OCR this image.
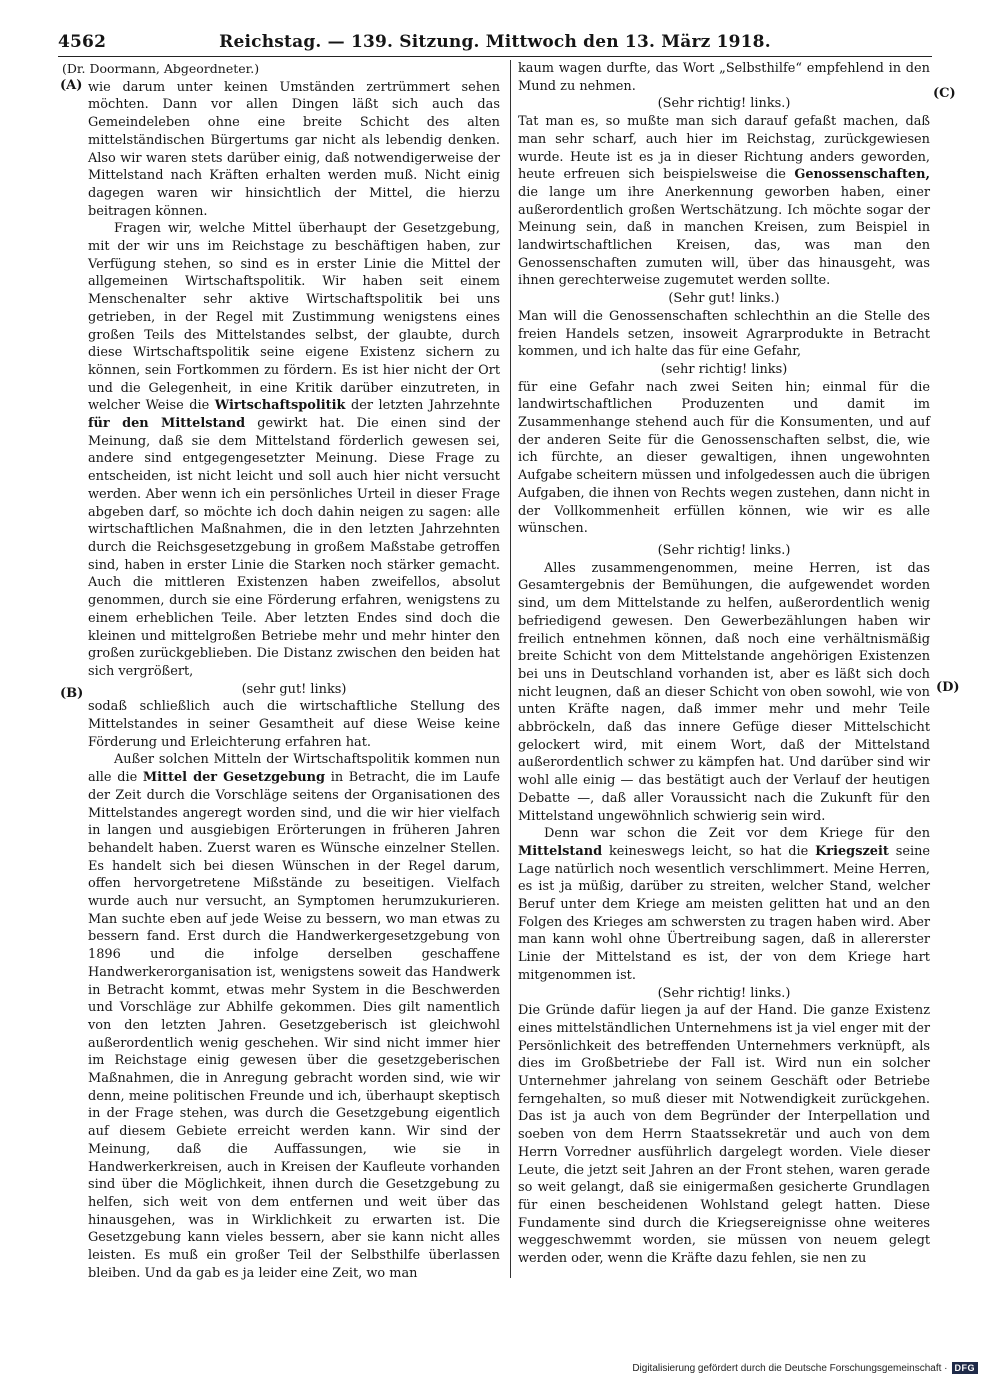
4562	Reichstag. — 139. Sitzung. Mittwoch den 13. März 1918.
(A)
(B)
(C)
(D)

(Dr. Doormann, Abgeordneter.)

wie darum unter keinen Umständen zertrümmert sehen möchten. Dann vor allen Dingen läßt sich auch das Gemeindeleben ohne eine breite Schicht des alten mittelständischen Bürgertums gar nicht als lebendig denken. Also wir waren stets darüber einig, daß notwendigerweise der Mittelstand nach Kräften erhalten werden muß. Nicht einig dagegen waren wir hinsichtlich der Mittel, die hierzu beitragen können.

Fragen wir, welche Mittel überhaupt der Gesetzgebung, mit der wir uns im Reichstage zu beschäftigen haben, zur Verfügung stehen, so sind es in erster Linie die Mittel der allgemeinen Wirtschaftspolitik. Wir haben seit einem Menschenalter sehr aktive Wirtschaftspolitik bei uns getrieben, in der Regel mit Zustimmung wenigstens eines großen Teils des Mittelstandes selbst, der glaubte, durch diese Wirtschaftspolitik seine eigene Existenz sichern zu können, sein Fortkommen zu fördern. Es ist hier nicht der Ort und die Gelegenheit, in eine Kritik darüber einzutreten, in welcher Weise die Wirtschaftspolitik der letzten Jahrzehnte für den Mittelstand gewirkt hat. Die einen sind der Meinung, daß sie dem Mittelstand förderlich gewesen sei, andere sind entgegengesetzter Meinung. Diese Frage zu entscheiden, ist nicht leicht und soll auch hier nicht versucht werden. Aber wenn ich ein persönliches Urteil in dieser Frage abgeben darf, so möchte ich doch dahin neigen zu sagen: alle wirtschaftlichen Maßnahmen, die in den letzten Jahrzehnten durch die Reichsgesetzgebung in großem Maßstabe getroffen sind, haben in erster Linie die Starken noch stärker gemacht. Auch die mittleren Existenzen haben zweifellos, absolut genommen, durch sie eine Förderung erfahren, wenigstens zu einem erheblichen Teile. Aber letzten Endes sind doch die kleinen und mittelgroßen Betriebe mehr und mehr hinter den großen zurückgeblieben. Die Distanz zwischen den beiden hat sich vergrößert,

(sehr gut! links)

sodaß schließlich auch die wirtschaftliche Stellung des Mittelstandes in seiner Gesamtheit auf diese Weise keine Förderung und Erleichterung erfahren hat.

Außer solchen Mitteln der Wirtschaftspolitik kommen nun alle die Mittel der Gesetzgebung in Betracht, die im Laufe der Zeit durch die Vorschläge seitens der Organisationen des Mittelstandes angeregt worden sind, und die wir hier vielfach in langen und ausgiebigen Erörterungen in früheren Jahren behandelt haben. Zuerst waren es Wünsche einzelner Stellen. Es handelt sich bei diesen Wünschen in der Regel darum, offen hervorgetretene Mißstände zu beseitigen. Vielfach wurde auch nur versucht, an Symptomen herumzukurieren. Man suchte eben auf jede Weise zu bessern, wo man etwas zu bessern fand. Erst durch die Handwerkergesetzgebung von 1896 und die infolge derselben geschaffene Handwerkerorganisation ist, wenigstens soweit das Handwerk in Betracht kommt, etwas mehr System in die Beschwerden und Vorschläge zur Abhilfe gekommen. Dies gilt namentlich von den letzten Jahren. Gesetzgeberisch ist gleichwohl außerordentlich wenig geschehen. Wir sind nicht immer hier im Reichstage einig gewesen über die gesetzgeberischen Maßnahmen, die in Anregung gebracht worden sind, wie wir denn, meine politischen Freunde und ich, überhaupt skeptisch in der Frage stehen, was durch die Gesetzgebung eigentlich auf diesem Gebiete erreicht werden kann. Wir sind der Meinung, daß die Auffassungen, wie sie in Handwerkerkreisen, auch in Kreisen der Kaufleute vorhanden sind über die Möglichkeit, ihnen durch die Gesetzgebung zu helfen, sich weit von dem entfernen und weit über das hinausgehen, was in Wirklichkeit zu erwarten ist. Die Gesetzgebung kann vieles bessern, aber sie kann nicht alles leisten. Es muß ein großer Teil der Selbsthilfe überlassen bleiben. Und da gab es ja leider eine Zeit, wo man

kaum wagen durfte, das Wort „Selbsthilfe“ empfehlend in den Mund zu nehmen.

(Sehr richtig! links.)

Tat man es, so mußte man sich darauf gefaßt machen, daß man sehr scharf, auch hier im Reichstag, zurückgewiesen wurde. Heute ist es ja in dieser Richtung anders geworden, heute erfreuen sich beispielsweise die Genossenschaften, die lange um ihre Anerkennung geworben haben, einer außerordentlich großen Wertschätzung. Ich möchte sogar der Meinung sein, daß in manchen Kreisen, zum Beispiel in landwirtschaftlichen Kreisen, das, was man den Genossenschaften zumuten will, über das hinausgeht, was ihnen gerechterweise zugemutet werden sollte.

(Sehr gut! links.)

Man will die Genossenschaften schlechthin an die Stelle des freien Handels setzen, insoweit Agrarprodukte in Betracht kommen, und ich halte das für eine Gefahr,

(sehr richtig! links)

für eine Gefahr nach zwei Seiten hin; einmal für die landwirtschaftlichen Produzenten und damit im Zusammenhange stehend auch für die Konsumenten, und auf der anderen Seite für die Genossenschaften selbst, die, wie ich fürchte, an dieser gewaltigen, ihnen ungewohnten Aufgabe scheitern müssen und infolgedessen auch die übrigen Aufgaben, die ihnen von Rechts wegen zustehen, dann nicht in der Vollkommenheit erfüllen können, wie wir es alle wünschen.

(Sehr richtig! links.)

Alles zusammengenommen, meine Herren, ist das Gesamtergebnis der Bemühungen, die aufgewendet worden sind, um dem Mittelstande zu helfen, außerordentlich wenig befriedigend gewesen. Den Gewerbezählungen haben wir freilich entnehmen können, daß noch eine verhältnismäßig breite Schicht von dem Mittelstande angehörigen Existenzen bei uns in Deutschland vorhanden ist, aber es läßt sich doch nicht leugnen, daß an dieser Schicht von oben sowohl, wie von unten Kräfte nagen, daß immer mehr und mehr Teile abbröckeln, daß das innere Gefüge dieser Mittelschicht gelockert wird, mit einem Wort, daß der Mittelstand außerordentlich schwer zu kämpfen hat. Und darüber sind wir wohl alle einig — das bestätigt auch der Verlauf der heutigen Debatte —, daß aller Voraussicht nach die Zukunft für den Mittelstand ungewöhnlich schwierig sein wird.

Denn war schon die Zeit vor dem Kriege für den Mittelstand keineswegs leicht, so hat die Kriegszeit seine Lage natürlich noch wesentlich verschlimmert. Meine Herren, es ist ja müßig, darüber zu streiten, welcher Stand, welcher Beruf unter dem Kriege am meisten gelitten hat und an den Folgen des Krieges am schwersten zu tragen haben wird. Aber man kann wohl ohne Übertreibung sagen, daß in allererster Linie der Mittelstand es ist, der von dem Kriege hart mitgenommen ist.

(Sehr richtig! links.)

Die Gründe dafür liegen ja auf der Hand. Die ganze Existenz eines mittelständlichen Unternehmens ist ja viel enger mit der Persönlichkeit des betreffenden Unternehmers verknüpft, als dies im Großbetriebe der Fall ist. Wird nun ein solcher Unternehmer jahrelang von seinem Geschäft oder Betriebe ferngehalten, so muß dieser mit Notwendigkeit zurückgehen. Das ist ja auch von dem Begründer der Interpellation und soeben von dem Herrn Staatssekretär und auch von dem Herrn Vorredner ausführlich dargelegt worden. Viele dieser Leute, die jetzt seit Jahren an der Front stehen, waren gerade so weit gelangt, daß sie einigermaßen gesicherte Grundlagen für einen bescheidenen Wohlstand gelegt hatten. Diese Fundamente sind durch die Kriegsereignisse ohne weiteres weggeschwemmt worden, sie müssen von neuem gelegt werden oder, wenn die Kräfte dazu fehlen, sie nen zu

Digitalisierung gefördert durch die Deutsche Forschungsgemeinschaft · DFG
